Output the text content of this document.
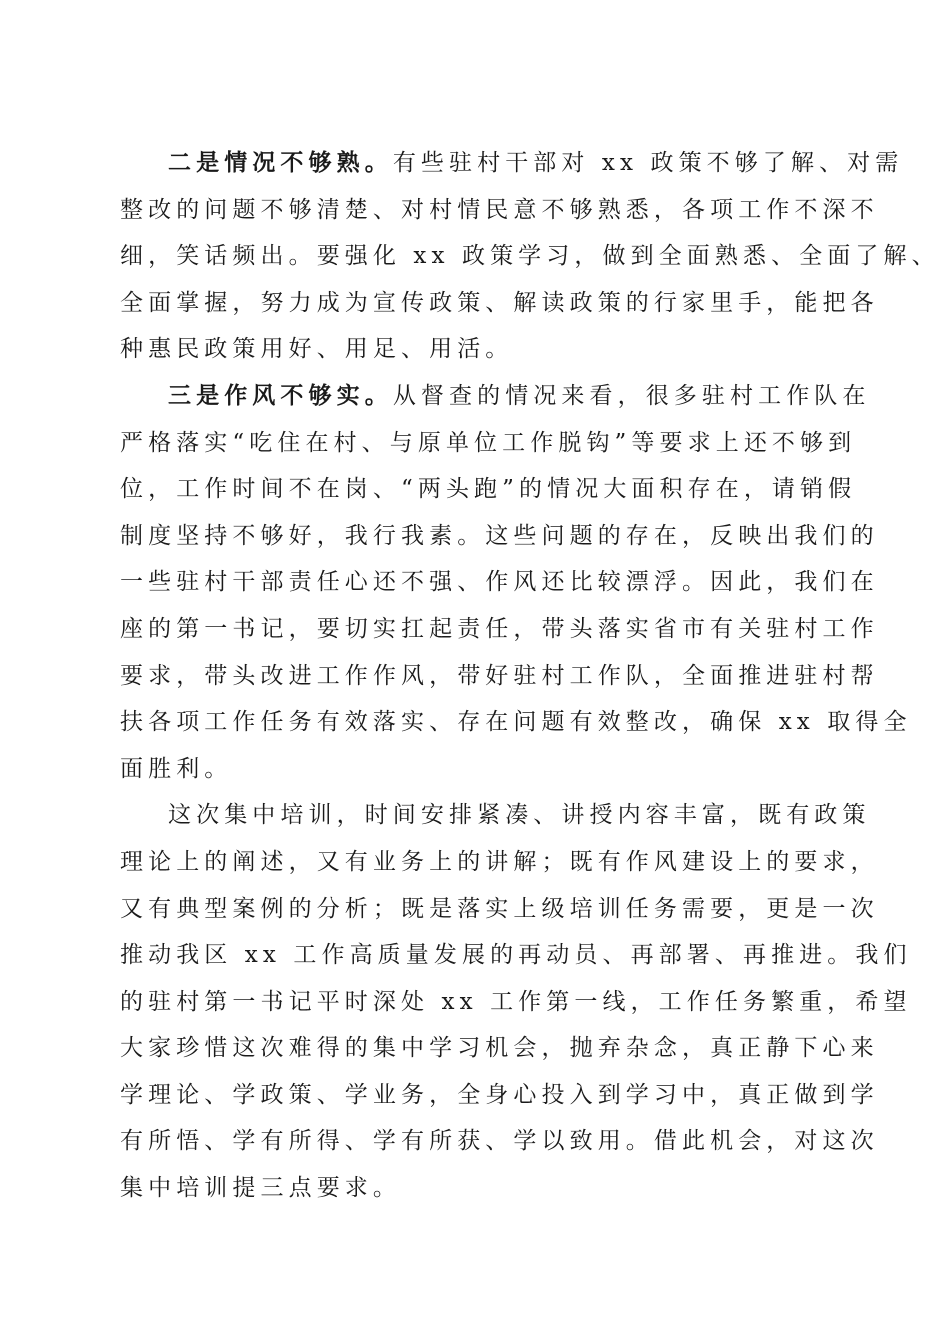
二是情况不够熟。有些驻村干部对 xx 政策不够了解、对需
整改的问题不够清楚、对村情民意不够熟悉，各项工作不深不
细，笑话频出。要强化 xx 政策学习，做到全面熟悉、全面了解、
全面掌握，努力成为宣传政策、解读政策的行家里手，能把各
种惠民政策用好、用足、用活。

三是作风不够实。从督查的情况来看，很多驻村工作队在
严格落实“吃住在村、与原单位工作脱钩”等要求上还不够到
位，工作时间不在岗、“两头跑”的情况大面积存在，请销假
制度坚持不够好，我行我素。这些问题的存在，反映出我们的
一些驻村干部责任心还不强、作风还比较漂浮。因此，我们在
座的第一书记，要切实扛起责任，带头落实省市有关驻村工作
要求，带头改进工作作风，带好驻村工作队，全面推进驻村帮
扶各项工作任务有效落实、存在问题有效整改，确保 xx 取得全
面胜利。

这次集中培训，时间安排紧凑、讲授内容丰富，既有政策
理论上的阐述，又有业务上的讲解；既有作风建设上的要求，
又有典型案例的分析；既是落实上级培训任务需要，更是一次
推动我区 xx 工作高质量发展的再动员、再部署、再推进。我们
的驻村第一书记平时深处 xx 工作第一线，工作任务繁重，希望
大家珍惜这次难得的集中学习机会，抛弃杂念，真正静下心来
学理论、学政策、学业务，全身心投入到学习中，真正做到学
有所悟、学有所得、学有所获、学以致用。借此机会，对这次
集中培训提三点要求。
